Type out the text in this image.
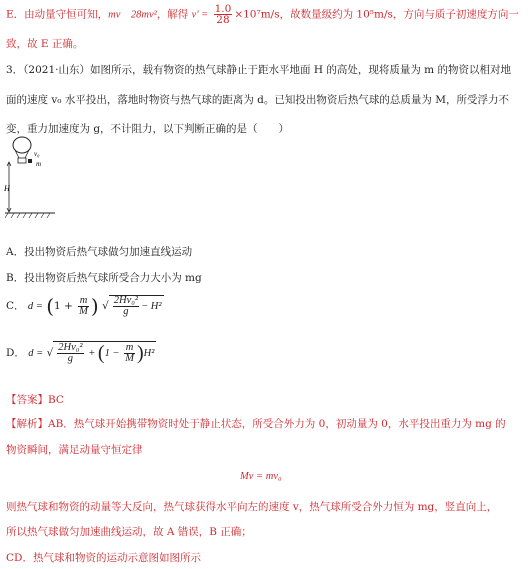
E．由动量守恒可知，mv　28mv²，解得 $v' = \frac{1.0}{28} \times 10^7m/s$，故数量级约为 10⁵m/s，方向与质子初速度方向一
致，故 E 正确。
3．（2021·山东）如图所示，载有物资的热气球静止于距水平地面 H 的高处，现将质量为 m 的物资以相对地
面的速度 v₀ 水平投出，落地时物资与热气球的距离为 d。已知投出物资后热气球的总质量为 M，所受浮力不
变，重力加速度为 g，不计阻力，以下判断正确的是（　　）
m
v₀
H
A．投出物资后热气球做匀加速直线运动
B．投出物资后热气球所受合力大小为 mg
C． $d = (1 + \frac{m}{M}$ ) √ $\frac{\text{2Hv₀²}}{g} - H^2$
D． d = √ $\frac{\text{2Hv₀²}}{g} + (1 - \frac{m}{M} )H^2$
【答案】BC
【解析】AB．热气球开始携带物资时处于静止状态，所受合外力为 0，初动量为 0，水平投出重力为 mg 的
物资瞬间，满足动量守恒定律
Mv = mv₀
则热气球和物资的动量等大反向，热气球获得水平向左的速度 v，热气球所受合外力恒为 mg，竖直向上，
所以热气球做匀加速曲线运动，故 A 错误，B 正确；
CD．热气球和物资的运动示意图如图所示
